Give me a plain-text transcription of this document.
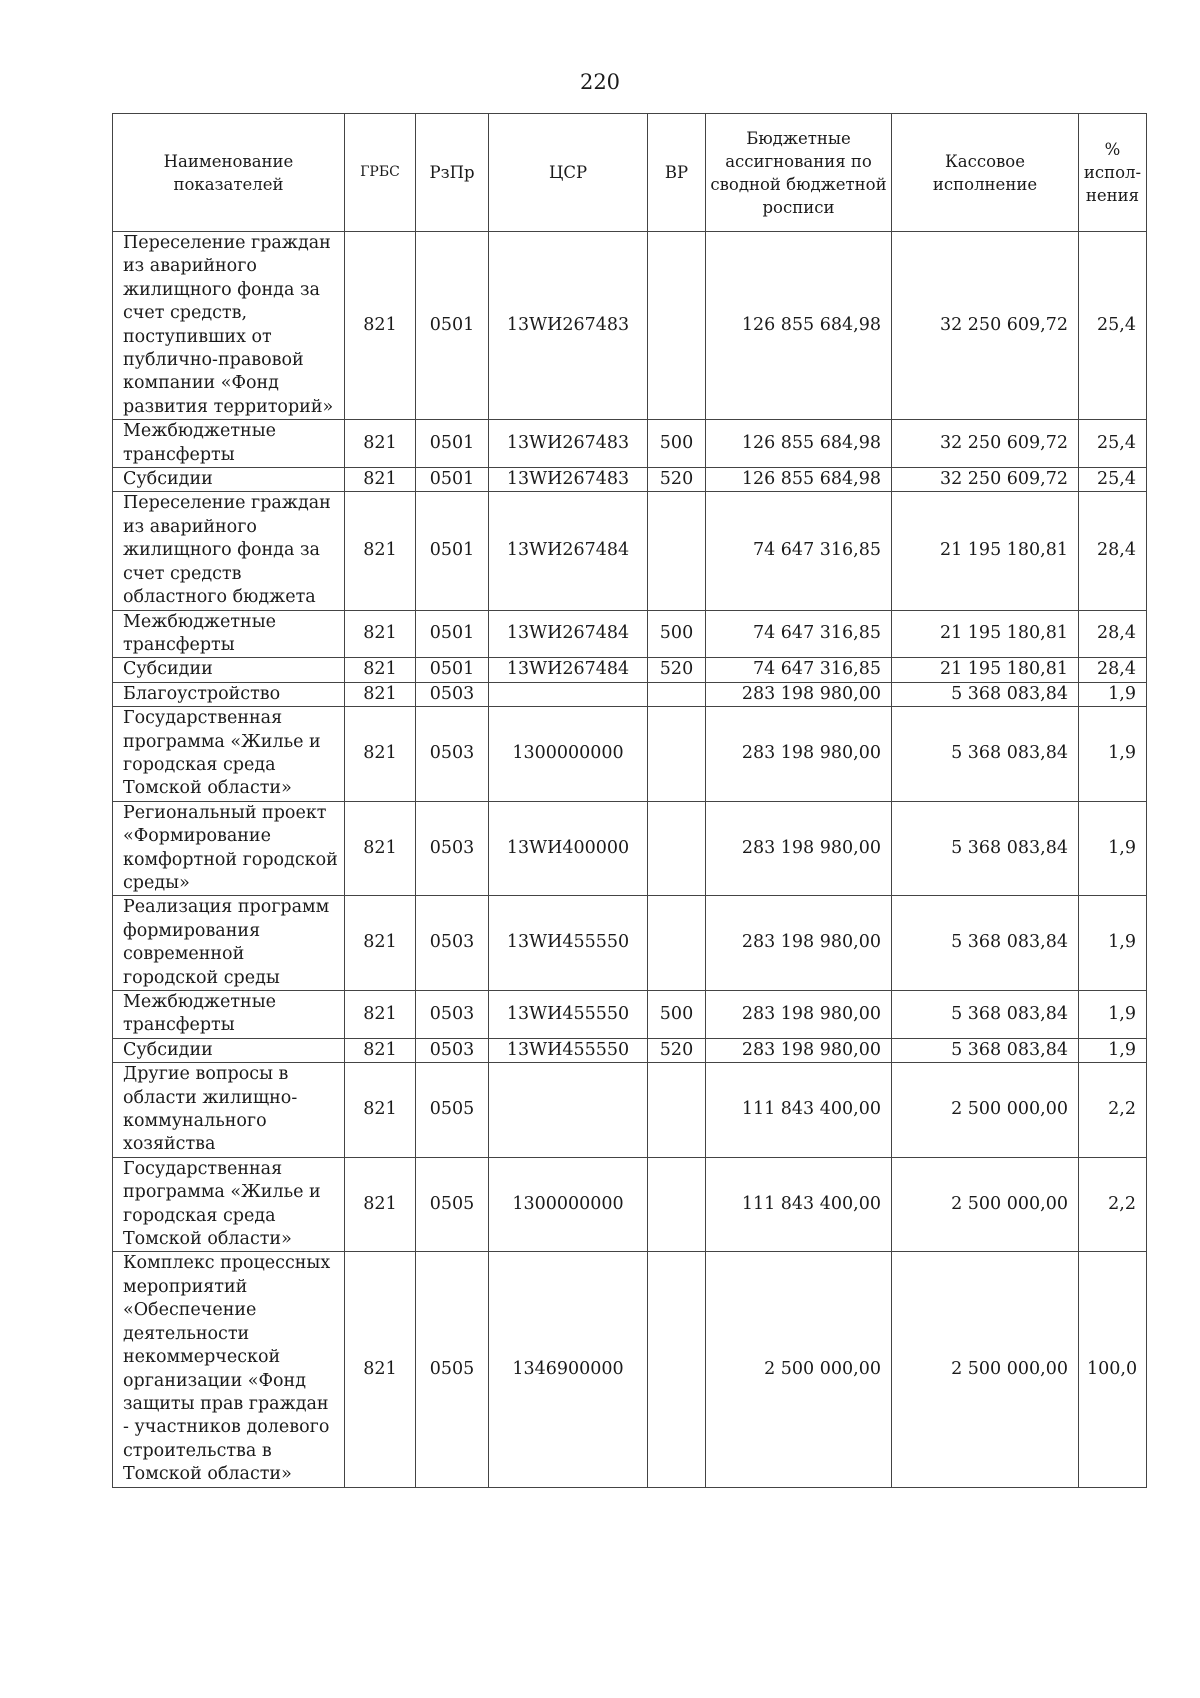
220
Наименование показателей	ГРБС	РзПр	ЦСР	ВР	Бюджетные ассигнования по сводной бюджетной росписи	Кассовое исполнение	% испол-нения
Переселение граждан из аварийного жилищного фонда за счет средств, поступивших от публично-правовой компании «Фонд развития территорий»	821	0501	13WИ267483		126 855 684,98	32 250 609,72	25,4
Межбюджетные трансферты	821	0501	13WИ267483	500	126 855 684,98	32 250 609,72	25,4
Субсидии	821	0501	13WИ267483	520	126 855 684,98	32 250 609,72	25,4
Переселение граждан из аварийного жилищного фонда за счет средств областного бюджета	821	0501	13WИ267484		74 647 316,85	21 195 180,81	28,4
Межбюджетные трансферты	821	0501	13WИ267484	500	74 647 316,85	21 195 180,81	28,4
Субсидии	821	0501	13WИ267484	520	74 647 316,85	21 195 180,81	28,4
Благоустройство	821	0503			283 198 980,00	5 368 083,84	1,9
Государственная программа «Жилье и городская среда Томской области»	821	0503	1300000000		283 198 980,00	5 368 083,84	1,9
Региональный проект «Формирование комфортной городской среды»	821	0503	13WИ400000		283 198 980,00	5 368 083,84	1,9
Реализация программ формирования современной городской среды	821	0503	13WИ455550		283 198 980,00	5 368 083,84	1,9
Межбюджетные трансферты	821	0503	13WИ455550	500	283 198 980,00	5 368 083,84	1,9
Субсидии	821	0503	13WИ455550	520	283 198 980,00	5 368 083,84	1,9
Другие вопросы в области жилищно-коммунального хозяйства	821	0505			111 843 400,00	2 500 000,00	2,2
Государственная программа «Жилье и городская среда Томской области»	821	0505	1300000000		111 843 400,00	2 500 000,00	2,2
Комплекс процессных мероприятий «Обеспечение деятельности некоммерческой организации «Фонд защиты прав граждан - участников долевого строительства в Томской области»	821	0505	1346900000		2 500 000,00	2 500 000,00	100,0
